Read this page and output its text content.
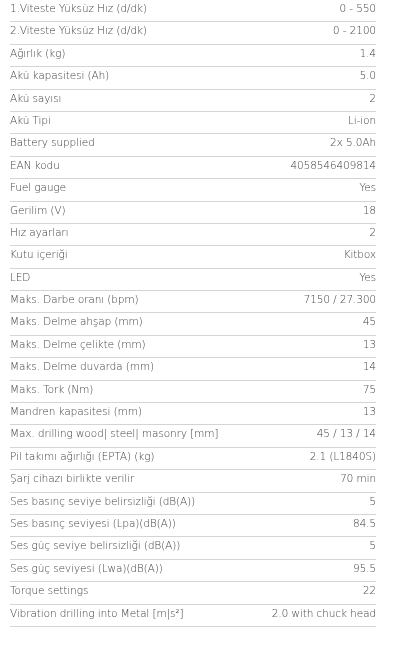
1.Viteste Yüksüz Hız (d/dk)	0 - 550
2.Viteste Yüksüz Hız (d/dk)	0 - 2100
Ağırlık (kg)	1.4
Akü kapasitesi (Ah)	5.0
Akü sayısı	2
Akü Tipi	Li-ion
Battery supplied	2x 5.0Ah
EAN kodu	4058546409814
Fuel gauge	Yes
Gerilim (V)	18
Hız ayarları	2
Kutu içeriği	Kitbox
LED	Yes
Maks. Darbe oranı (bpm)	7150 / 27.300
Maks. Delme ahşap (mm)	45
Maks. Delme çelikte (mm)	13
Maks. Delme duvarda (mm)	14
Maks. Tork (Nm)	75
Mandren kapasitesi (mm)	13
Max. drilling wood| steel| masonry [mm]	45 / 13 / 14
Pil takımı ağırlığı (EPTA) (kg)	2.1 (L1840S)
Şarj cihazı birlikte verilir	70 min
Ses basınç seviye belirsizliği (dB(A))	5
Ses basınç seviyesi (Lpa)(dB(A))	84.5
Ses güç seviye belirsizliği (dB(A))	5
Ses güç seviyesi (Lwa)(dB(A))	95.5
Torque settings	22
Vibration drilling into Metal [m|s²]	2.0 with chuck head
